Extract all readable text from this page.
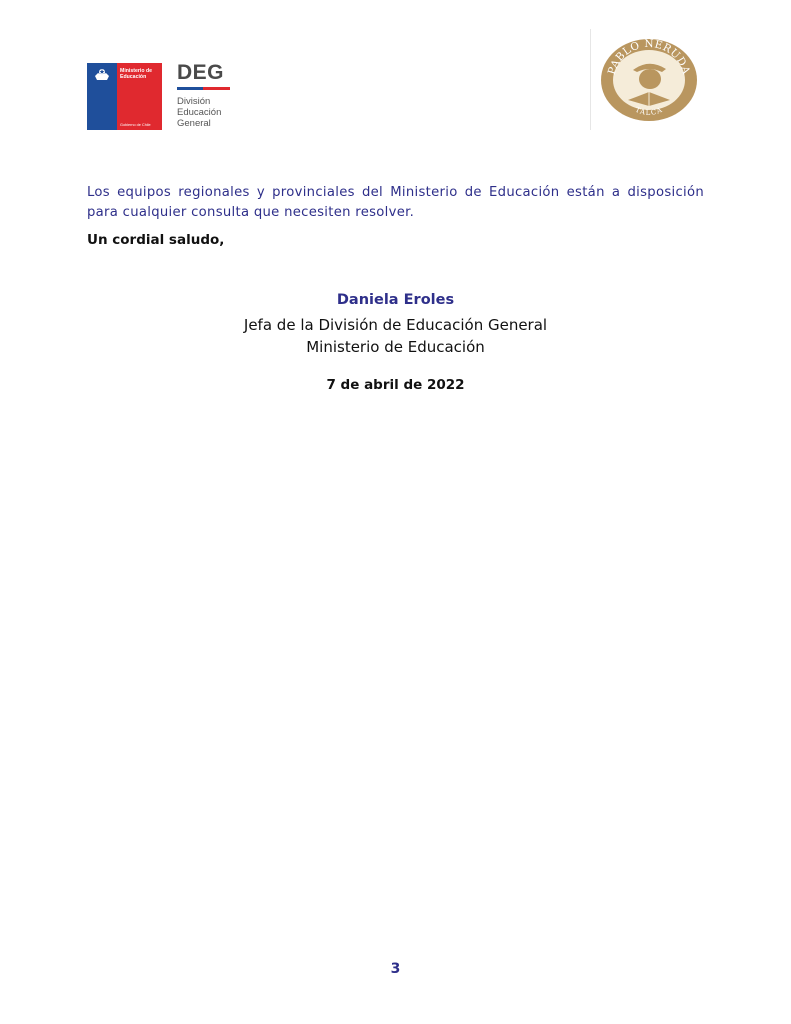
Ministerio de Educación
Gobierno de Chile
DEG
División
Educación
General
PABLO NERUDA
TALCA
Los equipos regionales y provinciales del Ministerio de Educación están a disposición para cualquier consulta que necesiten resolver.
Un cordial saludo,
Daniela Eroles
Jefa de la División de Educación General
Ministerio de Educación
7 de abril de 2022
3
